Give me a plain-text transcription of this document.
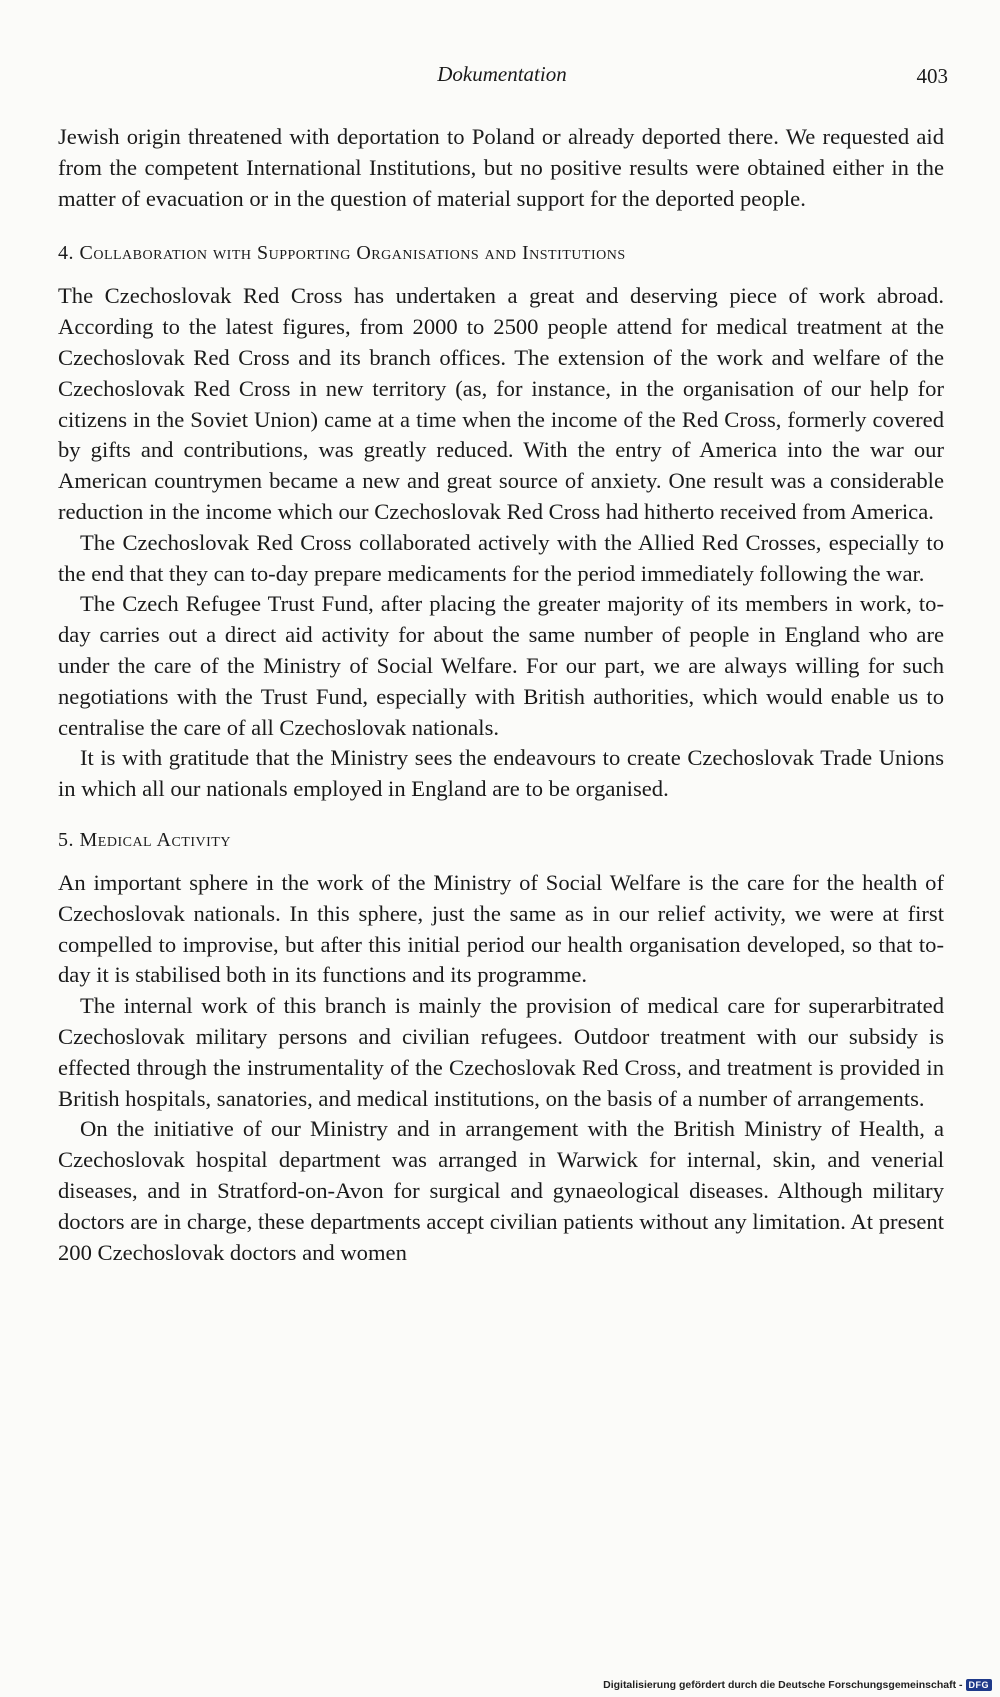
Dokumentation	403

Jewish origin threatened with deportation to Poland or already deported there. We requested aid from the competent International Institutions, but no positive results were obtained either in the matter of evacuation or in the question of material support for the deported people.

4. Collaboration with Supporting Organisations and Institutions

The Czechoslovak Red Cross has undertaken a great and deserving piece of work abroad. According to the latest figures, from 2000 to 2500 people attend for medical treatment at the Czechoslovak Red Cross and its branch offices. The extension of the work and welfare of the Czechoslovak Red Cross in new territory (as, for instance, in the organisation of our help for citizens in the Soviet Union) came at a time when the income of the Red Cross, formerly covered by gifts and contributions, was greatly reduced. With the entry of America into the war our American countrymen became a new and great source of anxiety. One result was a considerable reduction in the income which our Czechoslovak Red Cross had hitherto received from America.

The Czechoslovak Red Cross collaborated actively with the Allied Red Crosses, especially to the end that they can to-day prepare medicaments for the period immediately following the war.

The Czech Refugee Trust Fund, after placing the greater majority of its members in work, to-day carries out a direct aid activity for about the same number of people in England who are under the care of the Ministry of Social Welfare. For our part, we are always willing for such negotiations with the Trust Fund, especially with British authorities, which would enable us to centralise the care of all Czechoslovak nationals.

It is with gratitude that the Ministry sees the endeavours to create Czechoslovak Trade Unions in which all our nationals employed in England are to be organised.

5. Medical Activity

An important sphere in the work of the Ministry of Social Welfare is the care for the health of Czechoslovak nationals. In this sphere, just the same as in our relief activity, we were at first compelled to improvise, but after this initial period our health organisation developed, so that to-day it is stabilised both in its functions and its programme.

The internal work of this branch is mainly the provision of medical care for superarbitrated Czechoslovak military persons and civilian refugees. Outdoor treatment with our subsidy is effected through the instrumentality of the Czechoslovak Red Cross, and treatment is provided in British hospitals, sanatories, and medical institutions, on the basis of a number of arrangements.

On the initiative of our Ministry and in arrangement with the British Ministry of Health, a Czechoslovak hospital department was arranged in Warwick for internal, skin, and venerial diseases, and in Stratford-on-Avon for surgical and gynaeological diseases. Although military doctors are in charge, these departments accept civilian patients without any limitation. At present 200 Czechoslovak doctors and women

Digitalisierung gefördert durch die Deutsche Forschungsgemeinschaft - DFG
